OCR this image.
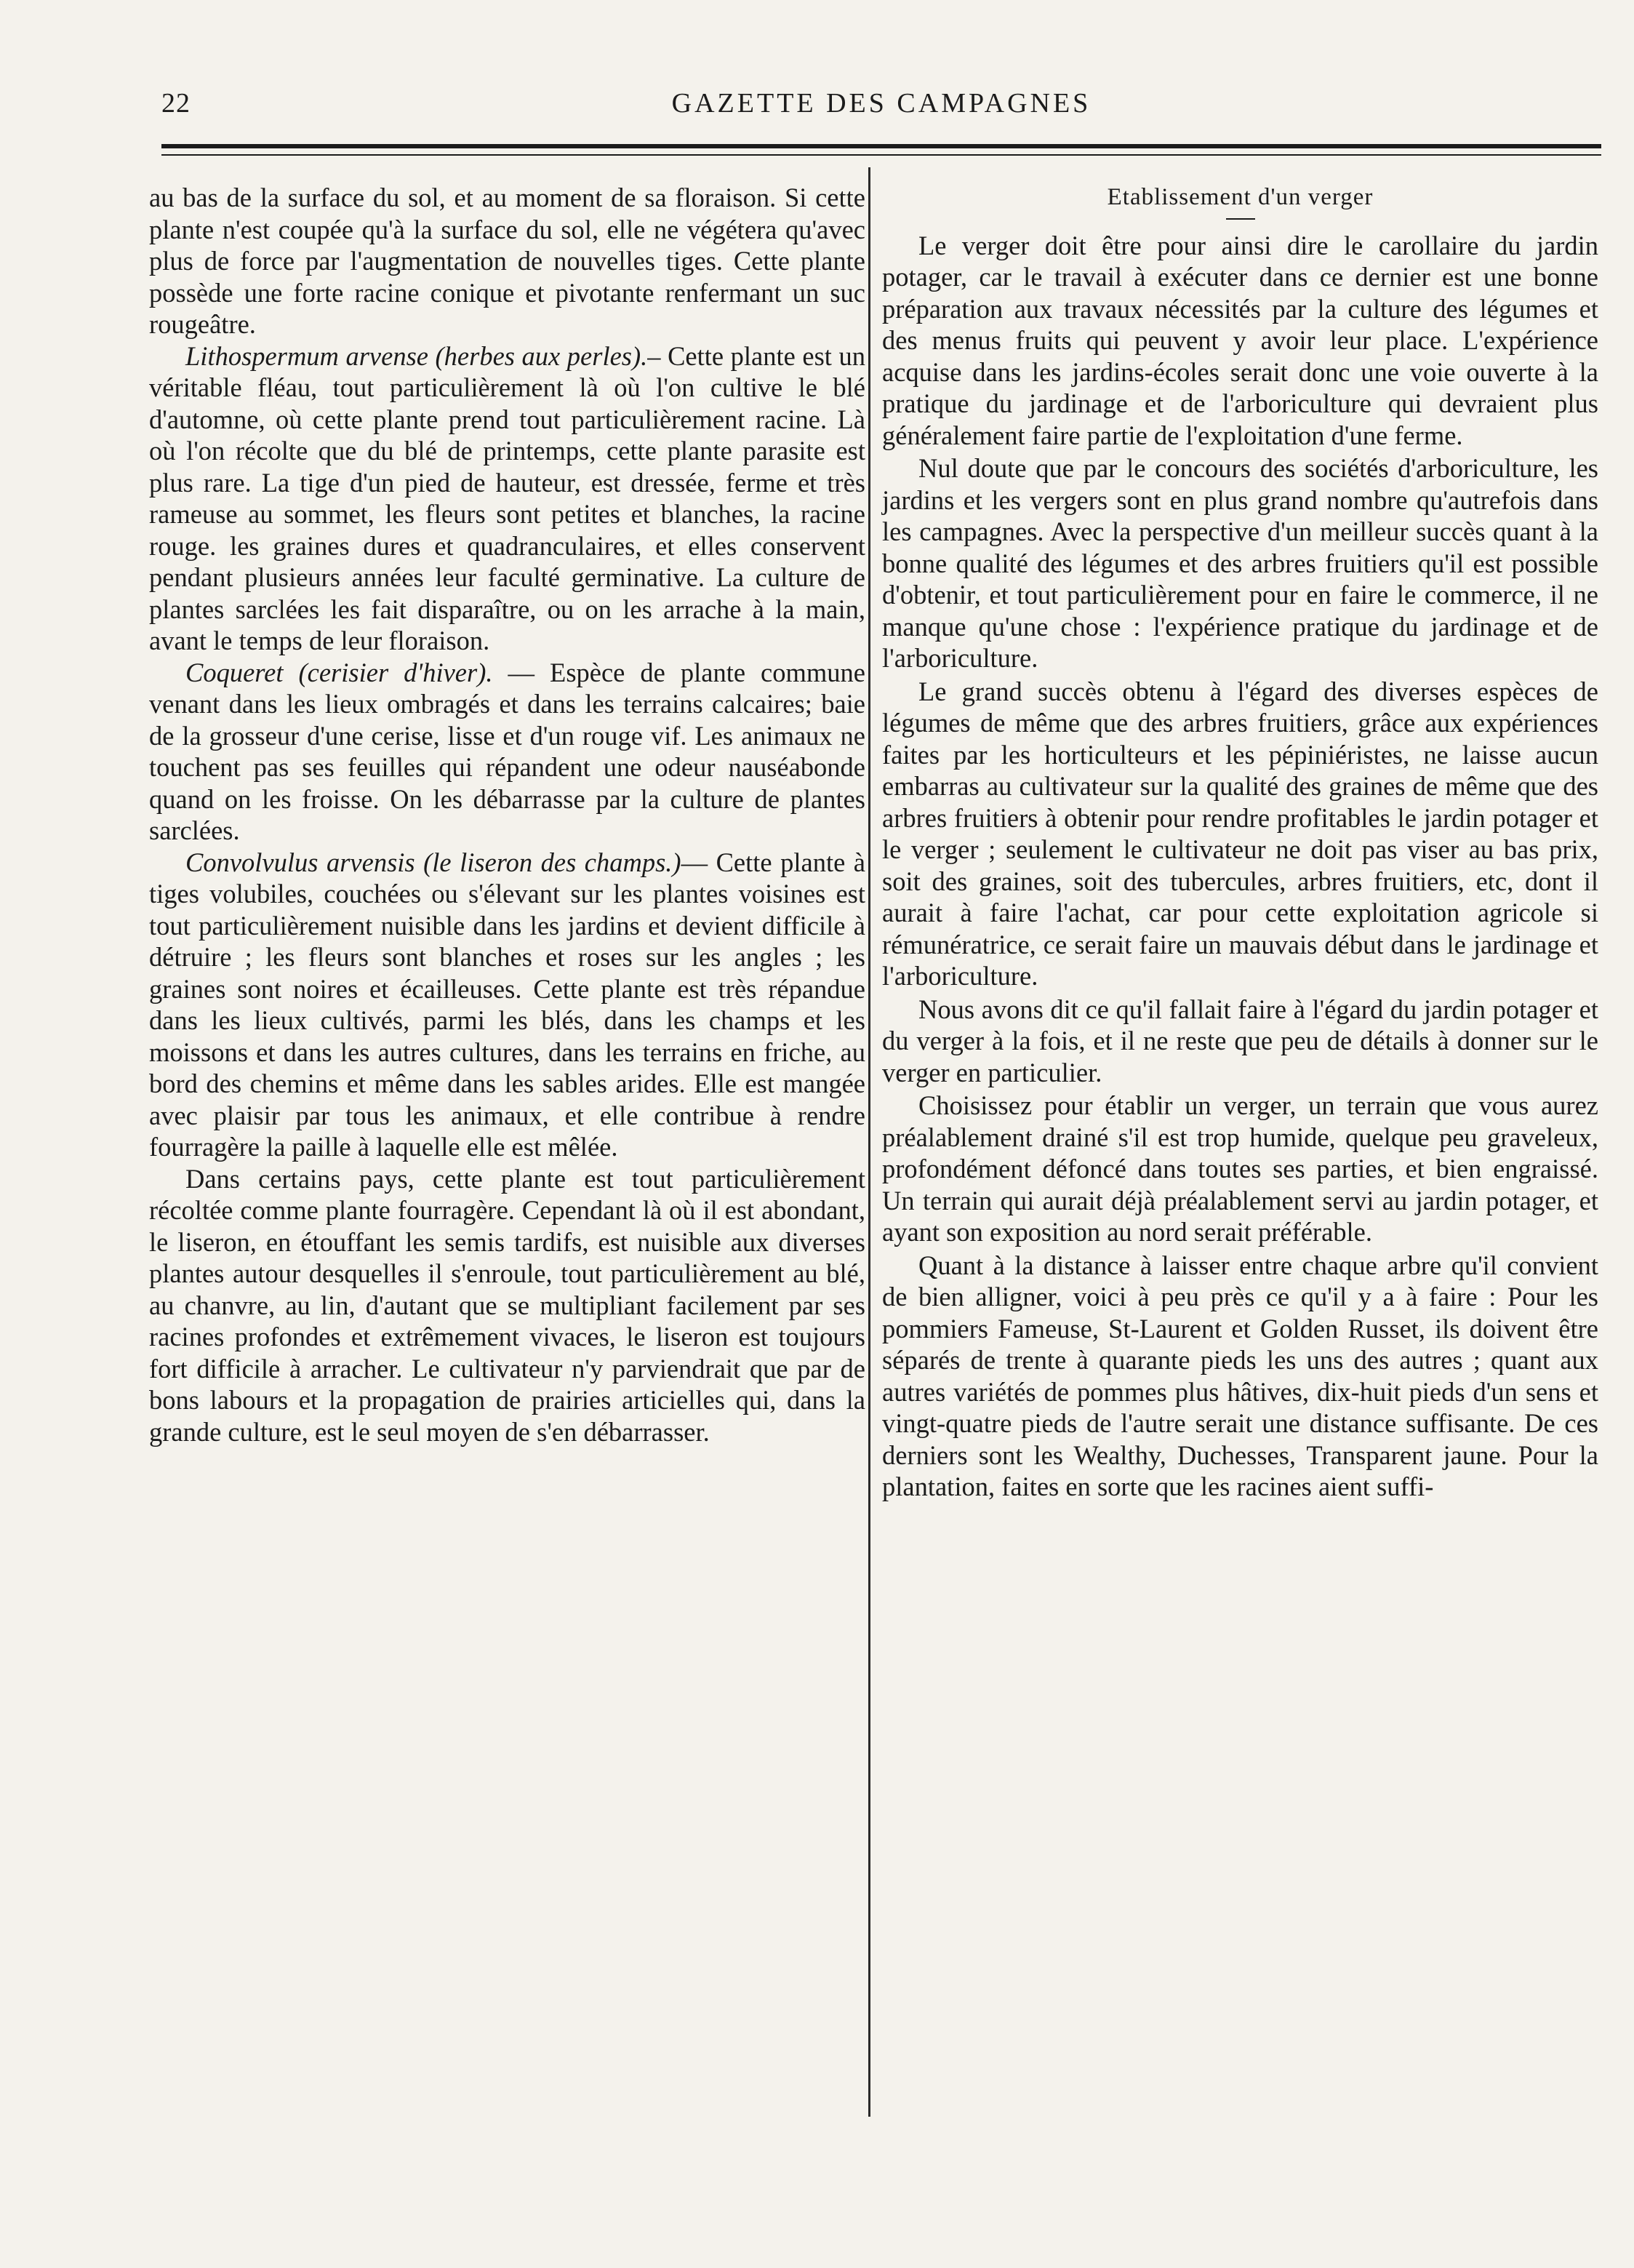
22	GAZETTE DES CAMPAGNES

au bas de la surface du sol, et au moment de sa floraison. Si cette plante n'est coupée qu'à la surface du sol, elle ne végétera qu'avec plus de force par l'augmentation de nouvelles tiges. Cette plante possède une forte racine conique et pivotante renfermant un suc rougeâtre.

Lithospermum arvense (herbes aux perles).– Cette plante est un véritable fléau, tout particulièrement là où l'on cultive le blé d'automne, où cette plante prend tout particulièrement racine. Là où l'on récolte que du blé de printemps, cette plante parasite est plus rare. La tige d'un pied de hauteur, est dressée, ferme et très rameuse au sommet, les fleurs sont petites et blanches, la racine rouge. les graines dures et quadranculaires, et elles conservent pendant plusieurs années leur faculté germinative. La culture de plantes sarclées les fait disparaître, ou on les arrache à la main, avant le temps de leur floraison.

Coqueret (cerisier d'hiver). — Espèce de plante commune venant dans les lieux ombragés et dans les terrains calcaires; baie de la grosseur d'une cerise, lisse et d'un rouge vif. Les animaux ne touchent pas ses feuilles qui répandent une odeur nauséabonde quand on les froisse. On les débarrasse par la culture de plantes sarclées.

Convolvulus arvensis (le liseron des champs.)— Cette plante à tiges volubiles, couchées ou s'élevant sur les plantes voisines est tout particulièrement nuisible dans les jardins et devient difficile à détruire ; les fleurs sont blanches et roses sur les angles ; les graines sont noires et écailleuses. Cette plante est très répandue dans les lieux cultivés, parmi les blés, dans les champs et les moissons et dans les autres cultures, dans les terrains en friche, au bord des chemins et même dans les sables arides. Elle est mangée avec plaisir par tous les animaux, et elle contribue à rendre fourragère la paille à laquelle elle est mêlée.

Dans certains pays, cette plante est tout particulièrement récoltée comme plante fourragère. Cependant là où il est abondant, le liseron, en étouffant les semis tardifs, est nuisible aux diverses plantes autour desquelles il s'enroule, tout particulièrement au blé, au chanvre, au lin, d'autant que se multipliant facilement par ses racines profondes et extrêmement vivaces, le liseron est toujours fort difficile à arracher. Le cultivateur n'y parviendrait que par de bons labours et la propagation de prairies articielles qui, dans la grande culture, est le seul moyen de s'en débarrasser.

Etablissement d'un verger

Le verger doit être pour ainsi dire le carollaire du jardin potager, car le travail à exécuter dans ce dernier est une bonne préparation aux travaux nécessités par la culture des légumes et des menus fruits qui peuvent y avoir leur place. L'expérience acquise dans les jardins-écoles serait donc une voie ouverte à la pratique du jardinage et de l'arboriculture qui devraient plus généralement faire partie de l'exploitation d'une ferme.

Nul doute que par le concours des sociétés d'arboriculture, les jardins et les vergers sont en plus grand nombre qu'autrefois dans les campagnes. Avec la perspective d'un meilleur succès quant à la bonne qualité des légumes et des arbres fruitiers qu'il est possible d'obtenir, et tout particulièrement pour en faire le commerce, il ne manque qu'une chose : l'expérience pratique du jardinage et de l'arboriculture.

Le grand succès obtenu à l'égard des diverses espèces de légumes de même que des arbres fruitiers, grâce aux expériences faites par les horticulteurs et les pépiniéristes, ne laisse aucun embarras au cultivateur sur la qualité des graines de même que des arbres fruitiers à obtenir pour rendre profitables le jardin potager et le verger ; seulement le cultivateur ne doit pas viser au bas prix, soit des graines, soit des tubercules, arbres fruitiers, etc, dont il aurait à faire l'achat, car pour cette exploitation agricole si rémunératrice, ce serait faire un mauvais début dans le jardinage et l'arboriculture.

Nous avons dit ce qu'il fallait faire à l'égard du jardin potager et du verger à la fois, et il ne reste que peu de détails à donner sur le verger en particulier.

Choisissez pour établir un verger, un terrain que vous aurez préalablement drainé s'il est trop humide, quelque peu graveleux, profondément défoncé dans toutes ses parties, et bien engraissé. Un terrain qui aurait déjà préalablement servi au jardin potager, et ayant son exposition au nord serait préférable.

Quant à la distance à laisser entre chaque arbre qu'il convient de bien alligner, voici à peu près ce qu'il y a à faire : Pour les pommiers Fameuse, St-Laurent et Golden Russet, ils doivent être séparés de trente à quarante pieds les uns des autres ; quant aux autres variétés de pommes plus hâtives, dix-huit pieds d'un sens et vingt-quatre pieds de l'autre serait une distance suffisante. De ces derniers sont les Wealthy, Duchesses, Transparent jaune. Pour la plantation, faites en sorte que les racines aient suffi-
